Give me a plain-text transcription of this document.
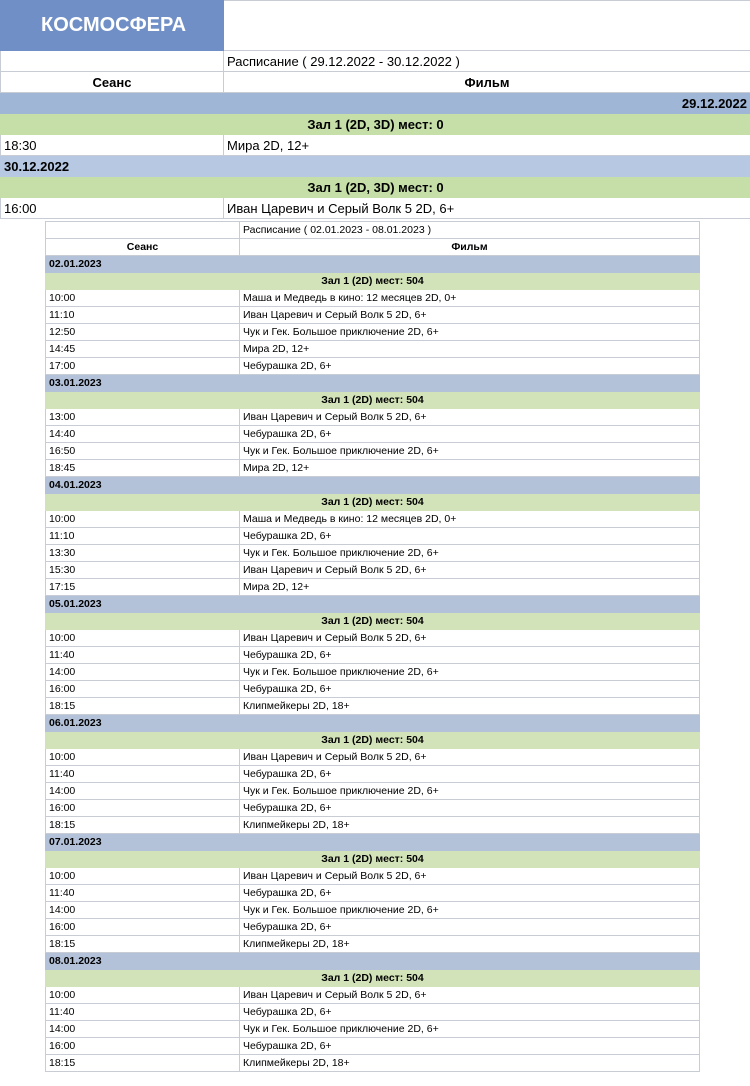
КОСМОСФЕРА	
	Расписание ( 29.12.2022 - 30.12.2022 )
Сеанс	Фильм
29.12.2022	
Зал 1 (2D, 3D) мест: 0	
18:30	Мира 2D, 12+
30.12.2022	
Зал 1 (2D, 3D) мест: 0	
16:00	Иван Царевич и Серый Волк 5 2D, 6+
	Расписание ( 02.01.2023 - 08.01.2023 )
Сеанс	Фильм
02.01.2023	
Зал 1 (2D) мест: 504	
10:00	Маша и Медведь в кино: 12 месяцев 2D, 0+
11:10	Иван Царевич и Серый Волк 5 2D, 6+
12:50	Чук и Гек. Большое приключение 2D, 6+
14:45	Мира 2D, 12+
17:00	Чебурашка 2D, 6+
03.01.2023	
Зал 1 (2D) мест: 504	
13:00	Иван Царевич и Серый Волк 5 2D, 6+
14:40	Чебурашка 2D, 6+
16:50	Чук и Гек. Большое приключение 2D, 6+
18:45	Мира 2D, 12+
04.01.2023	
Зал 1 (2D) мест: 504	
10:00	Маша и Медведь в кино: 12 месяцев 2D, 0+
11:10	Чебурашка 2D, 6+
13:30	Чук и Гек. Большое приключение 2D, 6+
15:30	Иван Царевич и Серый Волк 5 2D, 6+
17:15	Мира 2D, 12+
05.01.2023	
Зал 1 (2D) мест: 504	
10:00	Иван Царевич и Серый Волк 5 2D, 6+
11:40	Чебурашка 2D, 6+
14:00	Чук и Гек. Большое приключение 2D, 6+
16:00	Чебурашка 2D, 6+
18:15	Клипмейкеры 2D, 18+
06.01.2023	
Зал 1 (2D) мест: 504	
10:00	Иван Царевич и Серый Волк 5 2D, 6+
11:40	Чебурашка 2D, 6+
14:00	Чук и Гек. Большое приключение 2D, 6+
16:00	Чебурашка 2D, 6+
18:15	Клипмейкеры 2D, 18+
07.01.2023	
Зал 1 (2D) мест: 504	
10:00	Иван Царевич и Серый Волк 5 2D, 6+
11:40	Чебурашка 2D, 6+
14:00	Чук и Гек. Большое приключение 2D, 6+
16:00	Чебурашка 2D, 6+
18:15	Клипмейкеры 2D, 18+
08.01.2023	
Зал 1 (2D) мест: 504	
10:00	Иван Царевич и Серый Волк 5 2D, 6+
11:40	Чебурашка 2D, 6+
14:00	Чук и Гек. Большое приключение 2D, 6+
16:00	Чебурашка 2D, 6+
18:15	Клипмейкеры 2D, 18+
